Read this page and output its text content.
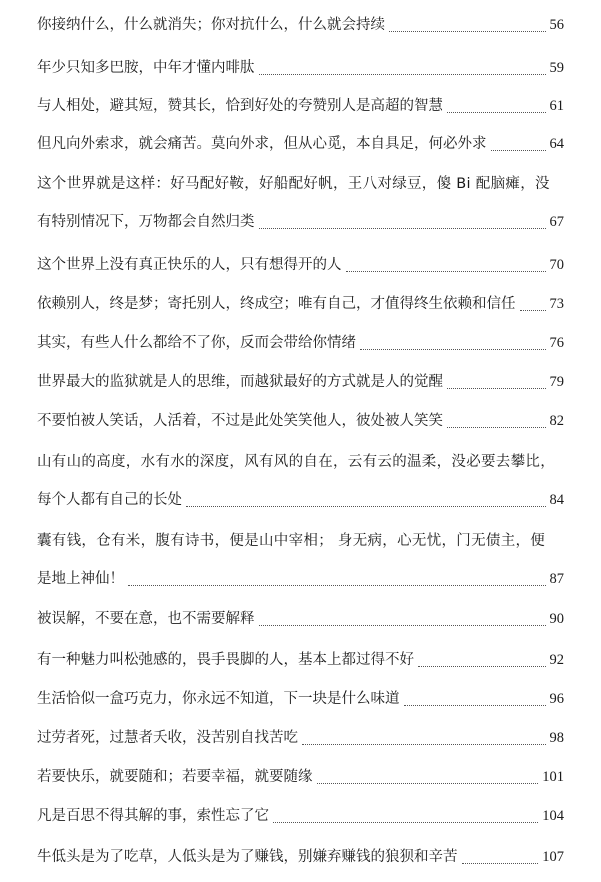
你接纳什么，什么就消失；你对抗什么，什么就会持续	56
年少只知多巴胺，中年才懂内啡肽	59
与人相处，避其短，赞其长，恰到好处的夸赞别人是高超的智慧	61
但凡向外索求，就会痛苦。莫向外求，但从心觅，本自具足，何必外求	64
这个世界就是这样：好马配好鞍，好船配好帆，王八对绿豆，傻 Bi 配脑瘫，没
有特别情况下，万物都会自然归类	67
这个世界上没有真正快乐的人，只有想得开的人	70
依赖别人，终是梦；寄托别人，终成空；唯有自己，才值得终生依赖和信任 73
其实，有些人什么都给不了你，反而会带给你情绪	76
世界最大的监狱就是人的思维，而越狱最好的方式就是人的觉醒	79
不要怕被人笑话，人活着，不过是此处笑笑他人，彼处被人笑笑	82
山有山的高度，水有水的深度，风有风的自在，云有云的温柔，没必要去攀比，
每个人都有自己的长处	84
囊有钱，仓有米，腹有诗书，便是山中宰相； 身无病，心无忧，门无债主，便
是地上神仙！	87
被误解，不要在意，也不需要解释	90
有一种魅力叫松弛感的，畏手畏脚的人，基本上都过得不好	92
生活恰似一盒巧克力，你永远不知道，下一块是什么味道	96
过劳者死，过慧者夭收，没苦别自找苦吃	98
若要快乐，就要随和；若要幸福，就要随缘	101
凡是百思不得其解的事，索性忘了它	104
牛低头是为了吃草，人低头是为了赚钱，别嫌弃赚钱的狼狈和辛苦	107
